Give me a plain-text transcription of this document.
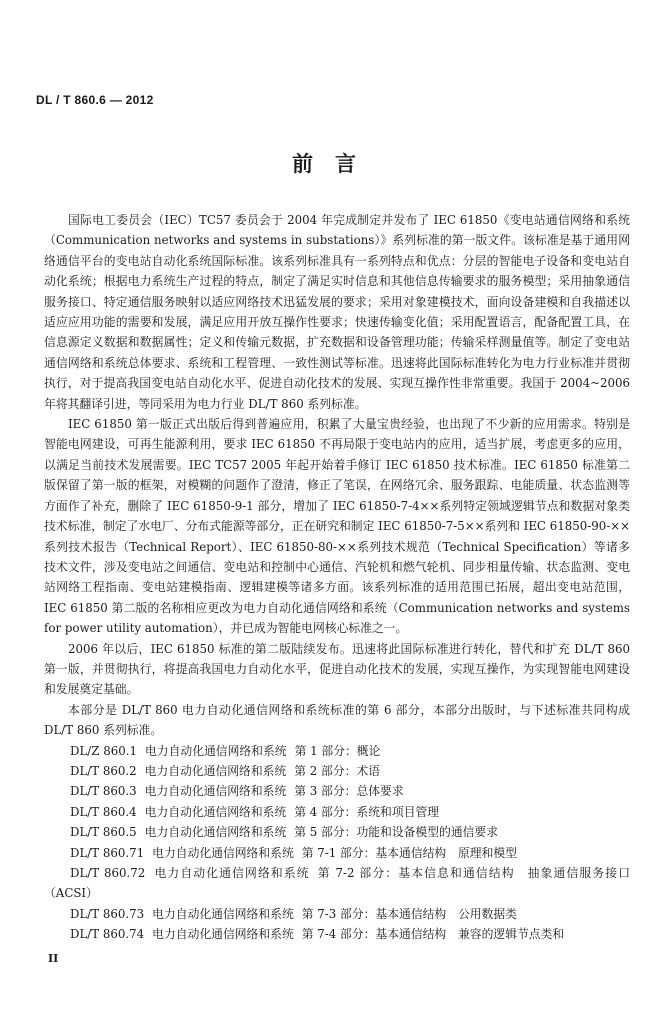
DL / T 860.6 — 2012
前言

国际电工委员会（IEC）TC57 委员会于 2004 年完成制定并发布了 IEC 61850《变电站通信网络和系统（Communication networks and systems in substations）》系列标准的第一版文件。该标准是基于通用网络通信平台的变电站自动化系统国际标准。该系列标准具有一系列特点和优点：分层的智能电子设备和变电站自动化系统；根据电力系统生产过程的特点，制定了满足实时信息和其他信息传输要求的服务模型；采用抽象通信服务接口、特定通信服务映射以适应网络技术迅猛发展的要求；采用对象建模技术，面向设备建模和自我描述以适应应用功能的需要和发展，满足应用开放互操作性要求；快速传输变化值；采用配置语言，配备配置工具，在信息源定义数据和数据属性；定义和传输元数据，扩充数据和设备管理功能；传输采样测量值等。制定了变电站通信网络和系统总体要求、系统和工程管理、一致性测试等标准。迅速将此国际标准转化为电力行业标准并贯彻执行，对于提高我国变电站自动化水平、促进自动化技术的发展、实现互操作性非常重要。我国于 2004~2006 年将其翻译引进，等同采用为电力行业 DL/T 860 系列标准。

IEC 61850 第一版正式出版后得到普遍应用，积累了大量宝贵经验，也出现了不少新的应用需求。特别是智能电网建设，可再生能源利用，要求 IEC 61850 不再局限于变电站内的应用，适当扩展，考虑更多的应用，以满足当前技术发展需要。IEC TC57 2005 年起开始着手修订 IEC 61850 技术标准。IEC 61850 标准第二版保留了第一版的框架，对模糊的问题作了澄清，修正了笔误，在网络冗余、服务跟踪、电能质量、状态监测等方面作了补充，删除了 IEC 61850-9-1 部分，增加了 IEC 61850-7-4××系列特定领域逻辑节点和数据对象类技术标准，制定了水电厂、分布式能源等部分，正在研究和制定 IEC 61850-7-5××系列和 IEC 61850-90-××系列技术报告（Technical Report）、IEC 61850-80-××系列技术规范（Technical Specification）等诸多技术文件，涉及变电站之间通信、变电站和控制中心通信、汽轮机和燃气轮机、同步相量传输、状态监测、变电站网络工程指南、变电站建模指南、逻辑建模等诸多方面。该系列标准的适用范围已拓展，超出变电站范围，IEC 61850 第二版的名称相应更改为电力自动化通信网络和系统（Communication networks and systems for power utility automation），并已成为智能电网核心标准之一。

2006 年以后，IEC 61850 标准的第二版陆续发布。迅速将此国际标准进行转化，替代和扩充 DL/T 860 第一版，并贯彻执行，将提高我国电力自动化水平，促进自动化技术的发展，实现互操作，为实现智能电网建设和发展奠定基础。

本部分是 DL/T 860 电力自动化通信网络和系统标准的第 6 部分，本部分出版时，与下述标准共同构成 DL/T 860 系列标准。

DL/Z 860.1 电力自动化通信网络和系统 第 1 部分：概论
DL/T 860.2 电力自动化通信网络和系统 第 2 部分：术语
DL/T 860.3 电力自动化通信网络和系统 第 3 部分：总体要求
DL/T 860.4 电力自动化通信网络和系统 第 4 部分：系统和项目管理
DL/T 860.5 电力自动化通信网络和系统 第 5 部分：功能和设备模型的通信要求
DL/T 860.71 电力自动化通信网络和系统 第 7-1 部分：基本通信结构　原理和模型
DL/T 860.72 电力自动化通信网络和系统 第 7-2 部分：基本信息和通信结构　抽象通信服务接口（ACSI）
DL/T 860.73 电力自动化通信网络和系统 第 7-3 部分：基本通信结构　公用数据类
DL/T 860.74 电力自动化通信网络和系统 第 7-4 部分：基本通信结构　兼容的逻辑节点类和
II
